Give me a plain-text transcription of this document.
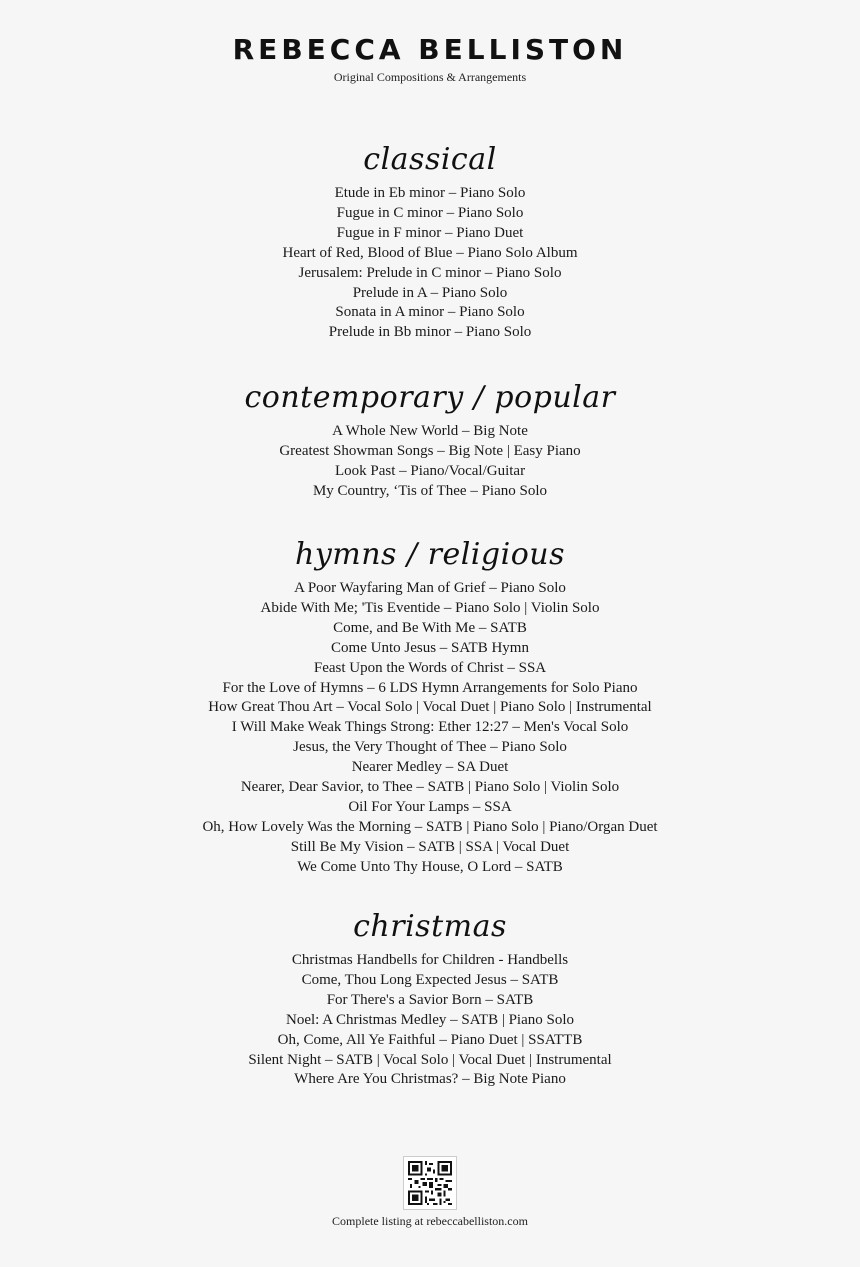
REBECCA BELLISTON
Original Compositions & Arrangements
classical
Etude in Eb minor – Piano Solo
Fugue in C minor – Piano Solo
Fugue in F minor – Piano Duet
Heart of Red, Blood of Blue – Piano Solo Album
Jerusalem: Prelude in C minor – Piano Solo
Prelude in A – Piano Solo
Sonata in A minor – Piano Solo
Prelude in Bb minor – Piano Solo
contemporary / popular
A Whole New World – Big Note
Greatest Showman Songs – Big Note | Easy Piano
Look Past – Piano/Vocal/Guitar
My Country, ‘Tis of Thee – Piano Solo
hymns / religious
A Poor Wayfaring Man of Grief – Piano Solo
Abide With Me; 'Tis Eventide – Piano Solo | Violin Solo
Come, and Be With Me – SATB
Come Unto Jesus – SATB Hymn
Feast Upon the Words of Christ – SSA
For the Love of Hymns – 6 LDS Hymn Arrangements for Solo Piano
How Great Thou Art – Vocal Solo | Vocal Duet | Piano Solo | Instrumental
I Will Make Weak Things Strong: Ether 12:27 – Men's Vocal Solo
Jesus, the Very Thought of Thee – Piano Solo
Nearer Medley – SA Duet
Nearer, Dear Savior, to Thee – SATB | Piano Solo | Violin Solo
Oil For Your Lamps – SSA
Oh, How Lovely Was the Morning – SATB | Piano Solo | Piano/Organ Duet
Still Be My Vision – SATB | SSA | Vocal Duet
We Come Unto Thy House, O Lord – SATB
christmas
Christmas Handbells for Children - Handbells
Come, Thou Long Expected Jesus – SATB
For There's a Savior Born – SATB
Noel: A Christmas Medley – SATB | Piano Solo
Oh, Come, All Ye Faithful – Piano Duet | SSATTB
Silent Night – SATB | Vocal Solo | Vocal Duet | Instrumental
Where Are You Christmas? – Big Note Piano
Complete listing at rebeccabelliston.com
